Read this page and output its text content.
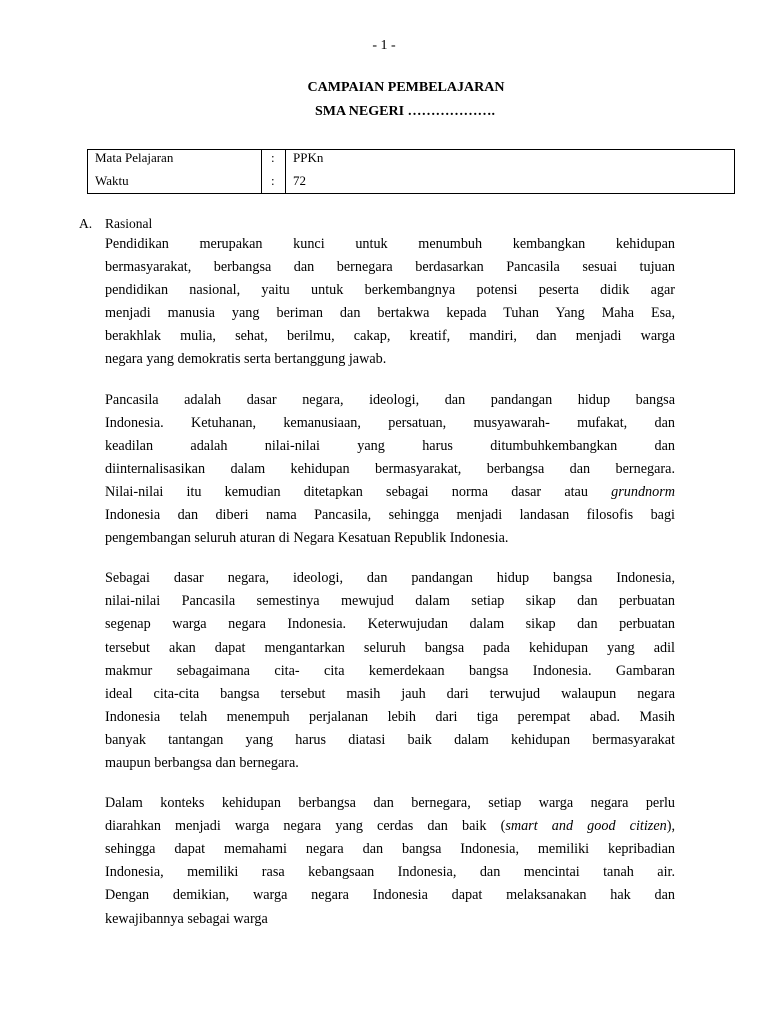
- 1 -
CAMPAIAN PEMBELAJARAN
SMA NEGERI ……………….
Mata Pelajaran	: PPKn
Waktu	: 72
A. Rasional
Pendidikan merupakan kunci untuk menumbuh kembangkan kehidupan
bermasyarakat, berbangsa dan bernegara berdasarkan Pancasila sesuai tujuan
pendidikan nasional, yaitu untuk berkembangnya potensi peserta didik agar
menjadi manusia yang beriman dan bertakwa kepada Tuhan Yang Maha Esa,
berakhlak mulia, sehat, berilmu, cakap, kreatif, mandiri, dan menjadi warga
negara yang demokratis serta bertanggung jawab.
Pancasila adalah dasar negara, ideologi, dan pandangan hidup bangsa
Indonesia. Ketuhanan, kemanusiaan, persatuan, musyawarah- mufakat, dan
keadilan adalah nilai-nilai yang harus ditumbuhkembangkan dan
diinternalisasikan dalam kehidupan bermasyarakat, berbangsa dan bernegara.
Nilai-nilai itu kemudian ditetapkan sebagai norma dasar atau grundnorm
Indonesia dan diberi nama Pancasila, sehingga menjadi landasan filosofis bagi
pengembangan seluruh aturan di Negara Kesatuan Republik Indonesia.
Sebagai dasar negara, ideologi, dan pandangan hidup bangsa Indonesia,
nilai-nilai Pancasila semestinya mewujud dalam setiap sikap dan perbuatan
segenap warga negara Indonesia. Keterwujudan dalam sikap dan perbuatan
tersebut akan dapat mengantarkan seluruh bangsa pada kehidupan yang adil
makmur sebagaimana cita- cita kemerdekaan bangsa Indonesia. Gambaran
ideal cita-cita bangsa tersebut masih jauh dari terwujud walaupun negara
Indonesia telah menempuh perjalanan lebih dari tiga perempat abad. Masih
banyak tantangan yang harus diatasi baik dalam kehidupan bermasyarakat
maupun berbangsa dan bernegara.
Dalam konteks kehidupan berbangsa dan bernegara, setiap warga negara perlu
diarahkan menjadi warga negara yang cerdas dan baik (smart and good citizen),
sehingga dapat memahami negara dan bangsa Indonesia, memiliki kepribadian
Indonesia, memiliki rasa kebangsaan Indonesia, dan mencintai tanah air.
Dengan demikian, warga negara Indonesia dapat melaksanakan hak dan
kewajibannya sebagai warga
